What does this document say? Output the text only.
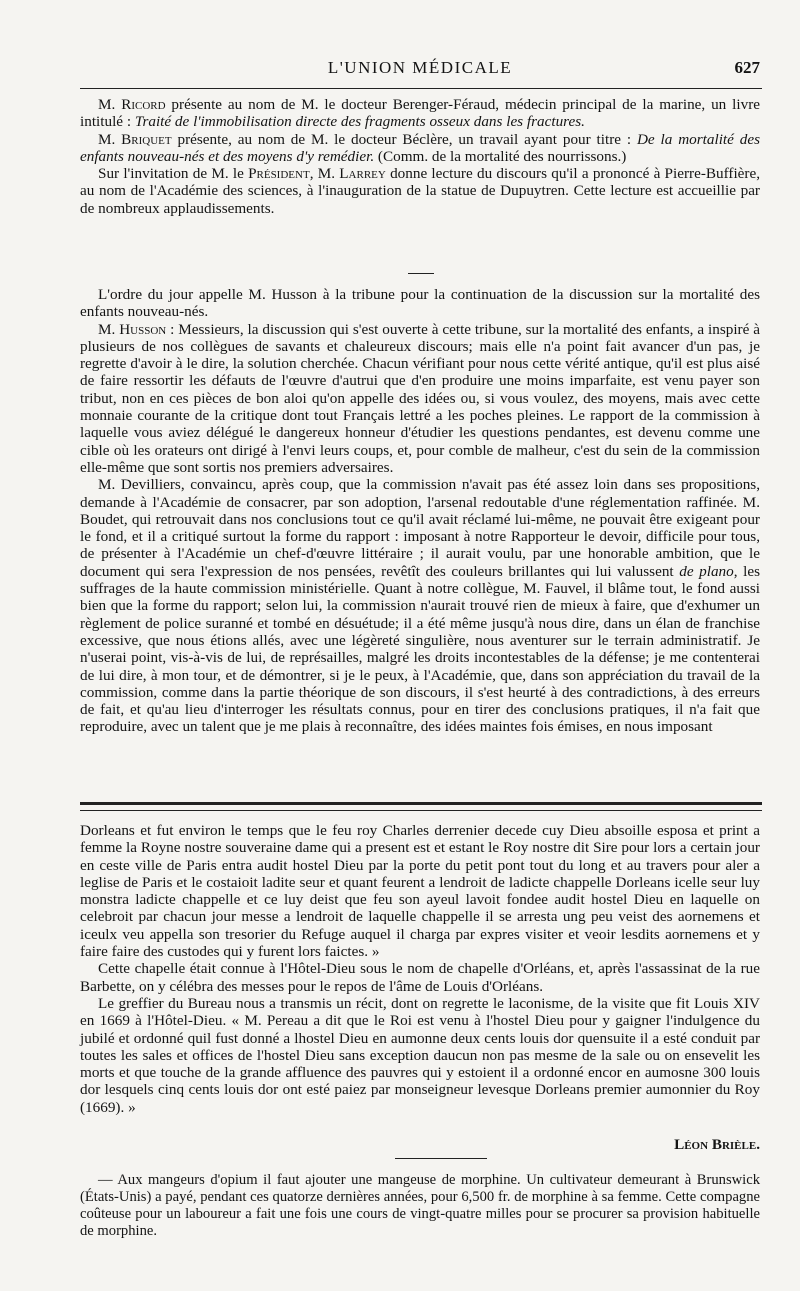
L'UNION MÉDICALE	627

M. Ricord présente au nom de M. le docteur Berenger-Féraud, médecin principal de la marine, un livre intitulé : Traité de l'immobilisation directe des fragments osseux dans les fractures.

M. Briquet présente, au nom de M. le docteur Béclère, un travail ayant pour titre : De la mortalité des enfants nouveau-nés et des moyens d'y remédier. (Comm. de la mortalité des nourrissons.)

Sur l'invitation de M. le Président, M. Larrey donne lecture du discours qu'il a prononcé à Pierre-Buffière, au nom de l'Académie des sciences, à l'inauguration de la statue de Dupuytren. Cette lecture est accueillie par de nombreux applaudissements.

L'ordre du jour appelle M. Husson à la tribune pour la continuation de la discussion sur la mortalité des enfants nouveau-nés.

M. Husson : Messieurs, la discussion qui s'est ouverte à cette tribune, sur la mortalité des enfants, a inspiré à plusieurs de nos collègues de savants et chaleureux discours; mais elle n'a point fait avancer d'un pas, je regrette d'avoir à le dire, la solution cherchée. Chacun vérifiant pour nous cette vérité antique, qu'il est plus aisé de faire ressortir les défauts de l'œuvre d'autrui que d'en produire une moins imparfaite, est venu payer son tribut, non en ces pièces de bon aloi qu'on appelle des idées ou, si vous voulez, des moyens, mais avec cette monnaie courante de la critique dont tout Français lettré a les poches pleines. Le rapport de la commission à laquelle vous aviez délégué le dangereux honneur d'étudier les questions pendantes, est devenu comme une cible où les orateurs ont dirigé à l'envi leurs coups, et, pour comble de malheur, c'est du sein de la commission elle-même que sont sortis nos premiers adversaires.

M. Devilliers, convaincu, après coup, que la commission n'avait pas été assez loin dans ses propositions, demande à l'Académie de consacrer, par son adoption, l'arsenal redoutable d'une réglementation raffinée. M. Boudet, qui retrouvait dans nos conclusions tout ce qu'il avait réclamé lui-même, ne pouvait être exigeant pour le fond, et il a critiqué surtout la forme du rapport : imposant à notre Rapporteur le devoir, difficile pour tous, de présenter à l'Académie un chef-d'œuvre littéraire ; il aurait voulu, par une honorable ambition, que le document qui sera l'expression de nos pensées, revêtît des couleurs brillantes qui lui valussent de plano, les suffrages de la haute commission ministérielle. Quant à notre collègue, M. Fauvel, il blâme tout, le fond aussi bien que la forme du rapport; selon lui, la commission n'aurait trouvé rien de mieux à faire, que d'exhumer un règlement de police suranné et tombé en désuétude; il a été même jusqu'à nous dire, dans un élan de franchise excessive, que nous étions allés, avec une légèreté singulière, nous aventurer sur le terrain administratif. Je n'userai point, vis-à-vis de lui, de représailles, malgré les droits incontestables de la défense; je me contenterai de lui dire, à mon tour, et de démontrer, si je le peux, à l'Académie, que, dans son appréciation du travail de la commission, comme dans la partie théorique de son discours, il s'est heurté à des contradictions, à des erreurs de fait, et qu'au lieu d'interroger les résultats connus, pour en tirer des conclusions pratiques, il n'a fait que reproduire, avec un talent que je me plais à reconnaître, des idées maintes fois émises, en nous imposant

Dorleans et fut environ le temps que le feu roy Charles derrenier decede cuy Dieu absoille esposa et print a femme la Royne nostre souveraine dame qui a present est et estant le Roy nostre dit Sire pour lors a certain jour en ceste ville de Paris entra audit hostel Dieu par la porte du petit pont tout du long et au travers pour aler a leglise de Paris et le costaioit ladite seur et quant feurent a lendroit de ladicte chappelle Dorleans icelle seur luy monstra ladicte chappelle et ce luy deist que feu son ayeul lavoit fondee audit hostel Dieu en laquelle on celebroit par chacun jour messe a lendroit de laquelle chappelle il se arresta ung peu veist des aornemens et iceulx veu appella son tresorier du Refuge auquel il charga par expres visiter et veoir lesdits aornemens et y faire faire des custodes qui y furent lors faictes. »

Cette chapelle était connue à l'Hôtel-Dieu sous le nom de chapelle d'Orléans, et, après l'assassinat de la rue Barbette, on y célébra des messes pour le repos de l'âme de Louis d'Orléans.

Le greffier du Bureau nous a transmis un récit, dont on regrette le laconisme, de la visite que fit Louis XIV en 1669 à l'Hôtel-Dieu. « M. Pereau a dit que le Roi est venu à l'hostel Dieu pour y gaigner l'indulgence du jubilé et ordonné quil fust donné a lhostel Dieu en aumonne deux cents louis dor quensuite il a esté conduit par toutes les sales et offices de l'hostel Dieu sans exception daucun non pas mesme de la sale ou on ensevelit les morts et que touche de la grande affluence des pauvres qui y estoient il a ordonné encor en aumosne 300 louis dor lesquels cinq cents louis dor ont esté paiez par monseigneur levesque Dorleans premier aumonnier du Roy (1669). »

Léon Brièle.

— Aux mangeurs d'opium il faut ajouter une mangeuse de morphine. Un cultivateur demeurant à Brunswick (États-Unis) a payé, pendant ces quatorze dernières années, pour 6,500 fr. de morphine à sa femme. Cette compagne coûteuse pour un laboureur a fait une fois une cours de vingt-quatre milles pour se procurer sa provision habituelle de morphine.
